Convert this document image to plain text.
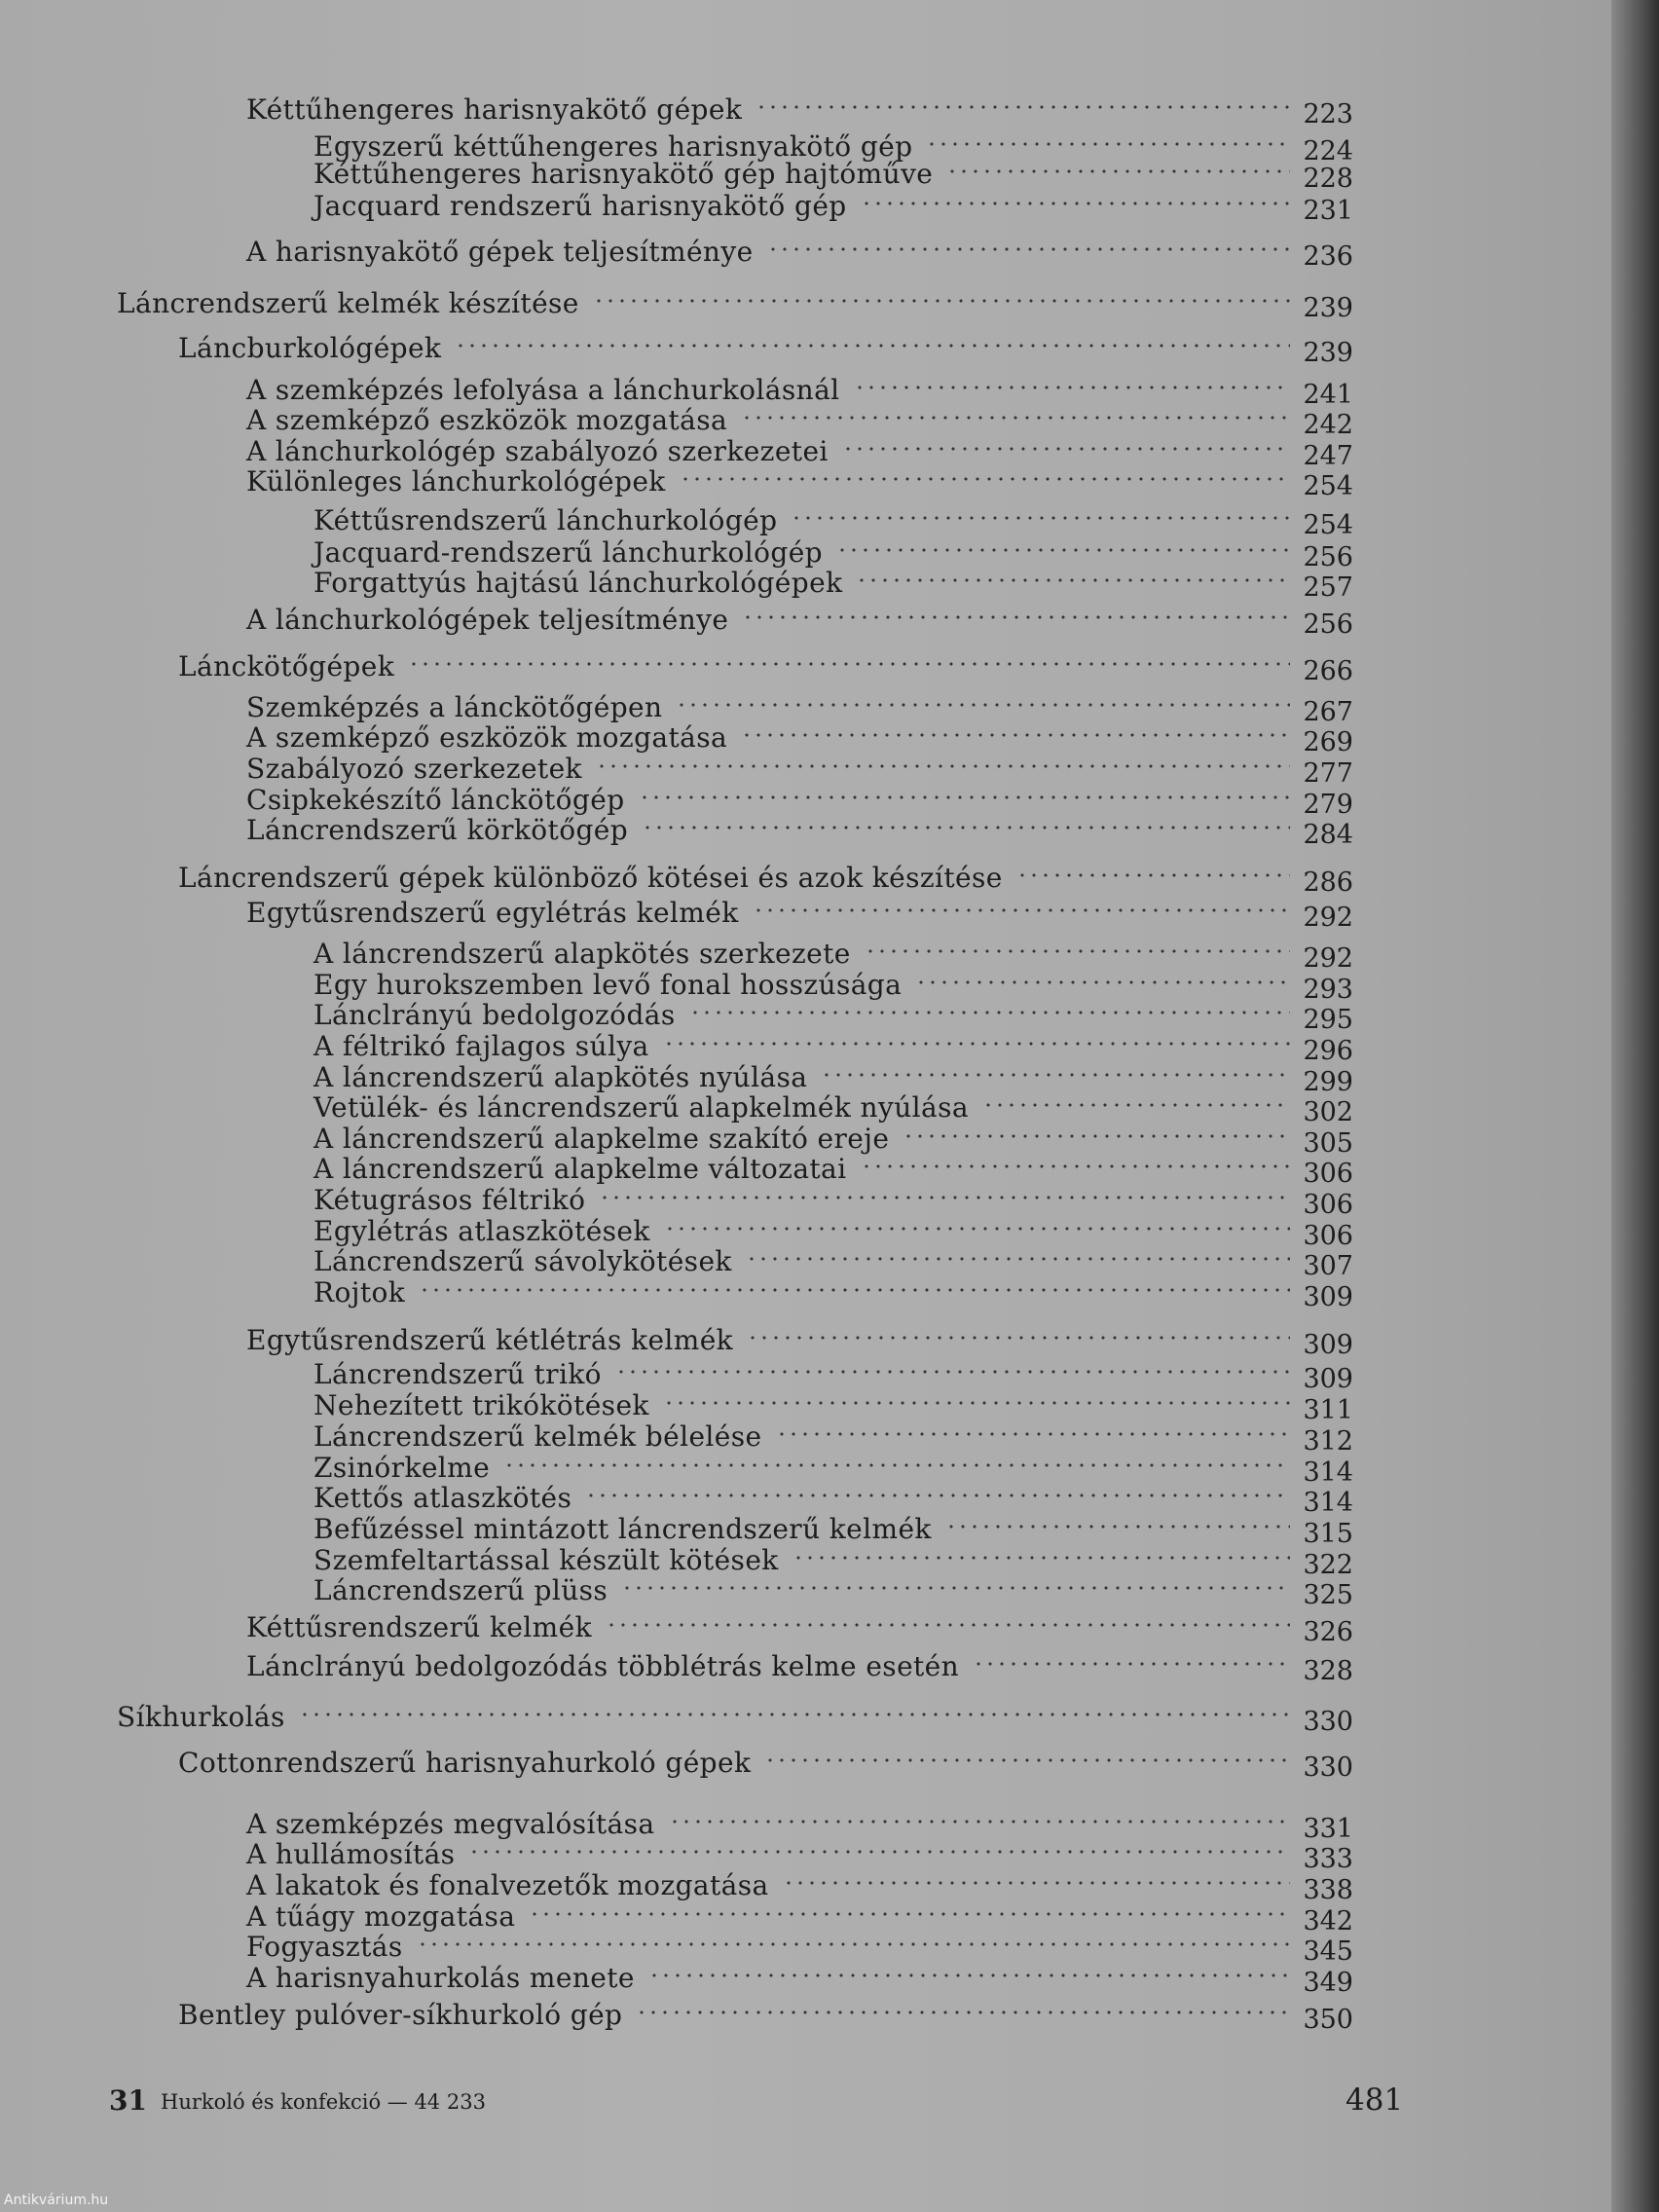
Kéttűhengeres harisnyakötő gépek	223
Egyszerű kéttűhengeres harisnyakötő gép	224
Kéttűhengeres harisnyakötő gép hajtóműve	228
Jacquard rendszerű harisnyakötő gép	231
A harisnyakötő gépek teljesítménye	236
Láncrendszerű kelmék készítése	239
Láncburkológépek	239
A szemképzés lefolyása a lánchurkolásnál	241
A szemképző eszközök mozgatása	242
A lánchurkológép szabályozó szerkezetei	247
Különleges lánchurkológépek	254
Kéttűsrendszerű lánchurkológép	254
Jacquard-rendszerű lánchurkológép	256
Forgattyús hajtású lánchurkológépek	257
A lánchurkológépek teljesítménye	256
Lánckötőgépek	266
Szemképzés a lánckötőgépen	267
A szemképző eszközök mozgatása	269
Szabályozó szerkezetek	277
Csipkekészítő lánckötőgép	279
Láncrendszerű körkötőgép	284
Láncrendszerű gépek különböző kötései és azok készítése	286
Egytűsrendszerű egylétrás kelmék	292
A láncrendszerű alapkötés szerkezete	292
Egy hurokszemben levő fonal hosszúsága	293
Lánclrányú bedolgozódás	295
A féltrikó fajlagos súlya	296
A láncrendszerű alapkötés nyúlása	299
Vetülék- és láncrendszerű alapkelmék nyúlása	302
A láncrendszerű alapkelme szakító ereje	305
A láncrendszerű alapkelme változatai	306
Kétugrásos féltrikó	306
Egylétrás atlaszkötések	306
Láncrendszerű sávolykötések	307
Rojtok	309
Egytűsrendszerű kétlétrás kelmék	309
Láncrendszerű trikó	309
Nehezített trikókötések	311
Láncrendszerű kelmék bélelése	312
Zsinórkelme	314
Kettős atlaszkötés	314
Befűzéssel mintázott láncrendszerű kelmék	315
Szemfeltartással készült kötések	322
Láncrendszerű plüss	325
Kéttűsrendszerű kelmék	326
Lánclrányú bedolgozódás többlétrás kelme esetén	328
Síkhurkolás	330
Cottonrendszerű harisnyahurkoló gépek	330
A szemképzés megvalósítása	331
A hullámosítás	333
A lakatok és fonalvezetők mozgatása	338
A tűágy mozgatása	342
Fogyasztás	345
A harisnyahurkolás menete	349
Bentley pulóver-síkhurkoló gép	350
31 Hurkoló és konfekció — 44 233	481
Antikvárium.hu
